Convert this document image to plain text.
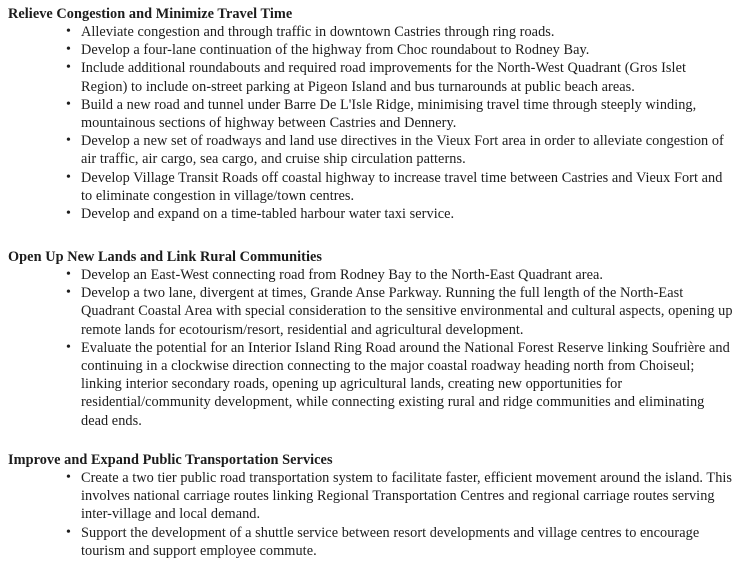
Relieve Congestion and Minimize Travel Time
• Alleviate congestion and through traffic in downtown Castries through ring roads.
• Develop a four-lane continuation of the highway from Choc roundabout to Rodney Bay.
• Include additional roundabouts and required road improvements for the North-West Quadrant (Gros Islet Region) to include on-street parking at Pigeon Island and bus turnarounds at public beach areas.
• Build a new road and tunnel under Barre De L'Isle Ridge, minimising travel time through steeply winding, mountainous sections of highway between Castries and Dennery.
• Develop a new set of roadways and land use directives in the Vieux Fort area in order to alleviate congestion of air traffic, air cargo, sea cargo, and cruise ship circulation patterns.
• Develop Village Transit Roads off coastal highway to increase travel time between Castries and Vieux Fort and to eliminate congestion in village/town centres.
• Develop and expand on a time-tabled harbour water taxi service.
Open Up New Lands and Link Rural Communities
• Develop an East-West connecting road from Rodney Bay to the North-East Quadrant area.
• Develop a two lane, divergent at times, Grande Anse Parkway. Running the full length of the North-East Quadrant Coastal Area with special consideration to the sensitive environmental and cultural aspects, opening up remote lands for ecotourism/resort, residential and agricultural development.
• Evaluate the potential for an Interior Island Ring Road around the National Forest Reserve linking Soufrière and continuing in a clockwise direction connecting to the major coastal roadway heading north from Choiseul; linking interior secondary roads, opening up agricultural lands, creating new opportunities for residential/community development, while connecting existing rural and ridge communities and eliminating dead ends.
Improve and Expand Public Transportation Services
• Create a two tier public road transportation system to facilitate faster, efficient movement around the island. This involves national carriage routes linking Regional Transportation Centres and regional carriage routes serving inter-village and local demand.
• Support the development of a shuttle service between resort developments and village centres to encourage tourism and support employee commute.
